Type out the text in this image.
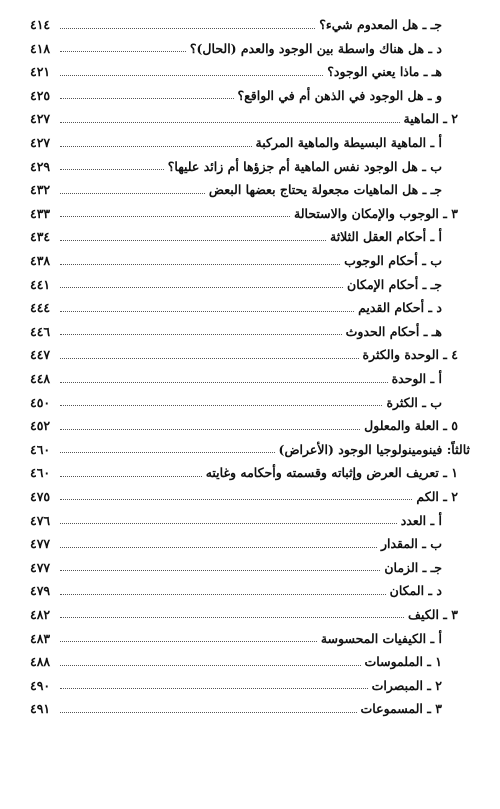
جـ ـ هل المعدوم شيء؟
٤١٤
د ـ هل هناك واسطة بين الوجود والعدم (الحال)؟
٤١٨
هـ ـ ماذا يعني الوجود؟
٤٢١
و ـ هل الوجود في الذهن أم في الواقع؟
٤٢٥
٢ ـ الماهية
٤٢٧
أ ـ الماهية البسيطة والماهية المركبة
٤٢٧
ب ـ هل الوجود نفس الماهية أم جزؤها أم زائد عليها؟
٤٢٩
جـ ـ هل الماهيات مجعولة يحتاج بعضها البعض
٤٣٢
٣ ـ الوجوب والإمكان والاستحالة
٤٣٣
أ ـ أحكام العقل الثلاثة
٤٣٤
ب ـ أحكام الوجوب
٤٣٨
جـ ـ أحكام الإمكان
٤٤١
د ـ أحكام القديم
٤٤٤
هـ ـ أحكام الحدوث
٤٤٦
٤ ـ الوحدة والكثرة
٤٤٧
أ ـ الوحدة
٤٤٨
ب ـ الكثرة
٤٥٠
٥ ـ العلة والمعلول
٤٥٢
ثالثاً: فينومينولوجيا الوجود (الأعراض)
٤٦٠
١ ـ تعريف العرض وإثباته وقسمته وأحكامه وغايته
٤٦٠
٢ ـ الكم
٤٧٥
أ ـ العدد
٤٧٦
ب ـ المقدار
٤٧٧
جـ ـ الزمان
٤٧٧
د ـ المكان
٤٧٩
٣ ـ الكيف
٤٨٢
أ ـ الكيفيات المحسوسة
٤٨٣
١ ـ الملموسات
٤٨٨
٢ ـ المبصرات
٤٩٠
٣ ـ المسموعات
٤٩١
